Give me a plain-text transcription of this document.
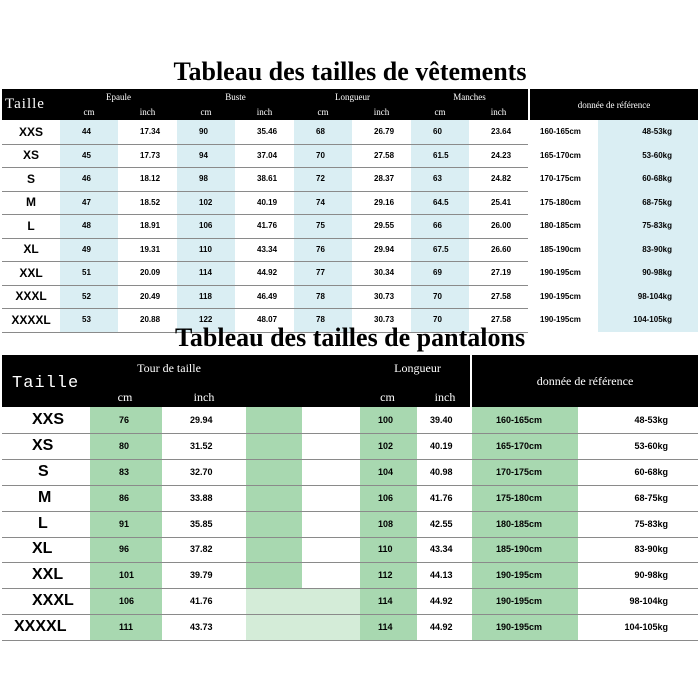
Tableau des tailles de vêtements
Taille	Epaule
cm	inch
Buste
cm	inch
Longueur
cm	inch
Manches
cm	inch
donnée de référence
XXS	44	17.34	90	35.46	68	26.79	60	23.64	160-165cm	48-53kg
XS	45	17.73	94	37.04	70	27.58	61.5	24.23	165-170cm	53-60kg
S	46	18.12	98	38.61	72	28.37	63	24.82	170-175cm	60-68kg
M	47	18.52	102	40.19	74	29.16	64.5	25.41	175-180cm	68-75kg
L	48	18.91	106	41.76	75	29.55	66	26.00	180-185cm	75-83kg
XL	49	19.31	110	43.34	76	29.94	67.5	26.60	185-190cm	83-90kg
XXL	51	20.09	114	44.92	77	30.34	69	27.19	190-195cm	90-98kg
XXXL	52	20.49	118	46.49	78	30.73	70	27.58	190-195cm	98-104kg
XXXXL	53	20.88	122	48.07	78	30.73	70	27.58	190-195cm	104-105kg
Tableau des tailles de pantalons
Taille
Tour de taille
cm	inch
Longueur
cm	inch
donnée de référence
XXS	76	29.94	100	39.40	160-165cm	48-53kg
XS	80	31.52	102	40.19	165-170cm	53-60kg
S	83	32.70	104	40.98	170-175cm	60-68kg
M	86	33.88	106	41.76	175-180cm	68-75kg
L	91	35.85	108	42.55	180-185cm	75-83kg
XL	96	37.82	110	43.34	185-190cm	83-90kg
XXL	101	39.79	112	44.13	190-195cm	90-98kg
XXXL	106	41.76	114	44.92	190-195cm	98-104kg
XXXXL	111	43.73	114	44.92	190-195cm	104-105kg
